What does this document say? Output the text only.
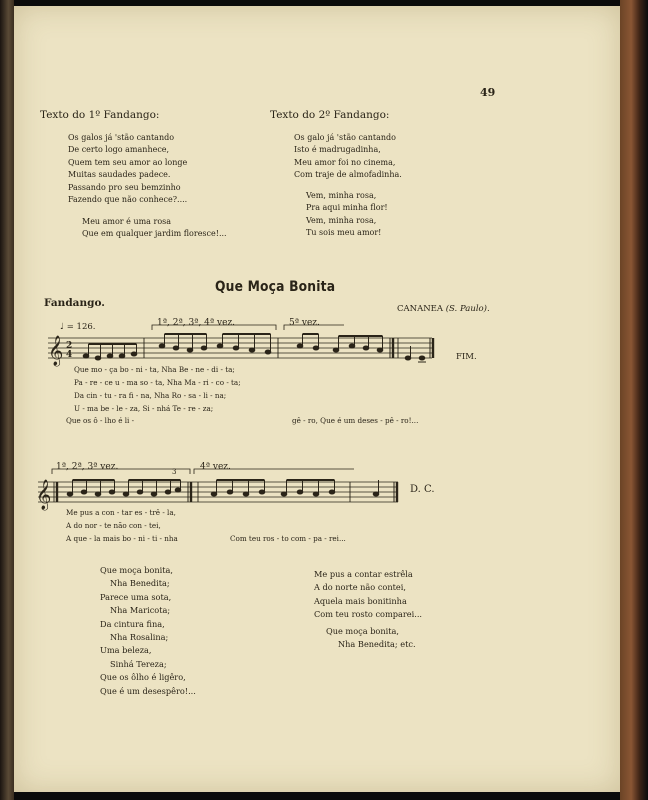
49
Texto do 1º Fandango:
Os galos já 'stão cantando
De certo logo amanhece,
Quem tem seu amor ao longe
Muitas saudades padece.
Passando pro seu bemzinho
Fazendo que não conhece?....
Meu amor é uma rosa
Que em qualquer jardim floresce!...
Texto do 2º Fandango:
Os galo já 'stão cantando
Isto é madrugadinha,
Meu amor foi no cinema,
Com traje de almofadinha.
Vem, minha rosa,
Pra aqui minha flor!
Vem, minha rosa,
Tu sois meu amor!
Que Moça Bonita
Fandango.	CANANEA (S. Paulo).
♩ = 126.	1ª, 2ª, 3ª, 4ª vez.	5ª vez.
FIM.
𝄞 2
4
Que mo - ça bo - ni - ta, Nha Be - ne - di - ta;
Pa - re - ce u - ma so - ta, Nha Ma - ri - co - ta;
Da cin - tu - ra fi - na, Nha Ro - sa - li - na;
U - ma be - le - za, Si - nhá Te - re - za;
Que os ô - lho é li -	gê - ro, Que é um deses - pê - ro!...
1ª, 2ª, 3ª vez.	4ª vez.
D. C.
3
𝄞
Me pus a con - tar es - trê - la,
A do nor - te não con - tei,
A que - la mais bo - ni - ti - nha	Com teu ros - to com - pa - rei...
Que moça bonita,
Nha Benedita;
Parece uma sota,
Nha Maricota;
Da cintura fina,
Nha Rosalina;
Uma beleza,
Sinhá Tereza;
Que os ôlho é ligêro,
Que é um desespêro!...
Me pus a contar estrêla
A do norte não contei,
Aquela mais bonitinha
Com teu rosto comparei...
Que moça bonita,
Nha Benedita; etc.
